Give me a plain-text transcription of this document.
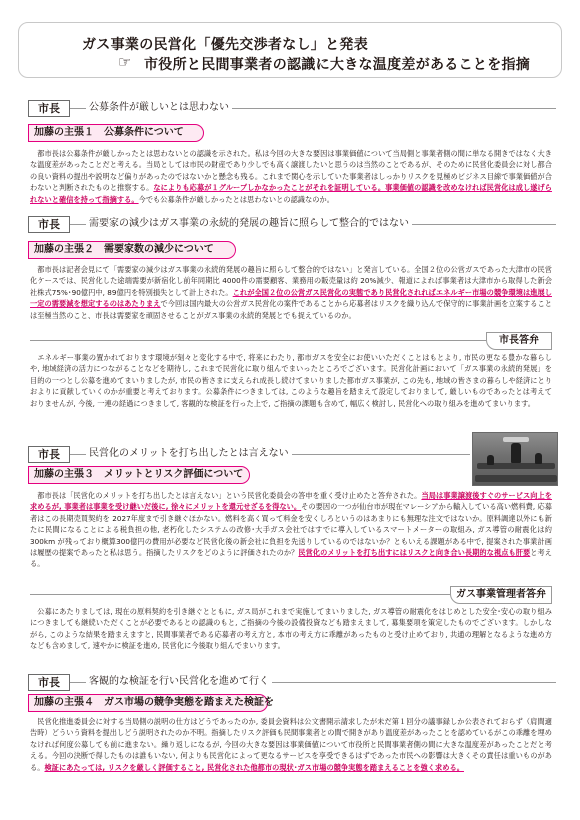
ガス事業の民営化「優先交渉者なし」と発表
☞ 市役所と民間事業者の認識に大きな温度差があることを指摘
市長	公募条件が厳しいとは思わない
加藤の主張１　公募条件について
　都市長は公募条件が厳しかったとは思わないとの認識を示された。私は今回の大きな要因は事業価値について当局側と事業者側の間に単なる開きではなく大きな温度差があったことだと考える。当局としては市民の財産であり少しでも高く譲渡したいと思うのは当然のことであるが、そのために民営化委員会に対し都合の良い資料の提出や説明など偏りがあったのではないかと懸念も残る。これまで関心を示していた事業者はしっかりリスクを見極めビジネス目線で事業価値が合わないと判断されたものと推察する。なによりも応募が１グループしかなかったことがそれを証明している。事業価値の認識を改めなければ民営化は成し遂げられないと確信を持って指摘する。今でも公募条件が厳しかったとは思わないとの認識なのか。
市長	需要家の減少はガス事業の永続的発展の趣旨に照らして整合的ではない
加藤の主張２　需要家数の減少について
　都市長は記者会見にて「需要家の減少はガス事業の永続的発展の趣旨に照らして整合的ではない」と発言している。全国２位の公営ガスであった大津市の民営化ケースでは、民営化した途端需要が新宿化し前年同期比 4000件の需要顧客、業務用の販売量は約 20%減少、報道によれば事業者は大津市から取得した新会社株式75%･90億円中, 89億円を特別損失として計上された。これが全国２位の公営ガス民営化の実態であり民営化されればエネルギー市場の競争環境は進展し一定の需要減を想定するのはあたりまえで今回は国内最大の公営ガス民営化の案件であることから応募者はリスクを織り込んで保守的に事業計画を立案することは至極当然のこと、市長は需要家を頑固させることがガス事業の永続的発展とでも捉えているのか。
市長答弁
　エネルギー事業の置かれております環境が刻々と変化する中で, 将来にわたり, 都市ガスを安全にお使いいただくことはもとより, 市民の更なる豊かな暮らしや, 地域経済の活力につながることなどを期待し, これまで民営化に取り組んでまいったところでございます。民営化計画において「ガス事業の永続的発展」を目的の一つとし公募を進めてまいりましたが, 市民の皆さまに支えられ成長し続けてまいりました都市ガス事業が, この先も, 地域の皆さまの暮らしや経済にとりおよりに貢献していくのかが重要と考えております。公募条件につきましては, このような趣旨を踏まえて設定しておりまして, 厳しいものであったとは考えておりませんが, 今後, 一連の経過につきまして, 客観的な検証を行った上で, ご指摘の課題も含めて, 幅広く検討し, 民営化への取り組みを進めてまいります。
市長	民営化のメリットを打ち出したとは言えない
加藤の主張３　メリットとリスク評価について
　都市長は「民営化のメリットを打ち出したとは言えない」という民営化委員会の答申を重く受け止めたと答弁された。当局は事業譲渡後すぐのサービス向上を求めるが, 事業者は事業を受け継いだ後に, 徐々にメリットを還元せざるを得ない。その要因の一つが仙台市が現在マレーシアから輸入している高い燃料費, 応募者はこの長期売買契約を 2027年度まで引き継ぐほかない。燃料を高く買って料金を安くしろというのはあまりにも無理な注文ではないか。原料調達以外にも新たに民間になることによる税負担の他, 老朽化したシステムの改修･大手ガス会社ではすでに導入しているスマートメーターの取組み, ガス導管の耐震化は約300km が残っており概算300億円の費用が必要など民営化後の新会社に負担を先送りしているのではないか？ともいえる課題がある中で, 提案された事業計画は履歴の提案であったと私は思う。指摘したリスクをどのように評価されたのか？民営化のメリットを打ち出すにはリスクと向き合い長期的な視点も肝要と考える。
ガス事業管理者答弁
　公募にあたりましては, 現在の原料契約を引き継ぐとともに, ガス局がこれまで実施してまいりました, ガス導管の耐震化をはじめとした安全･安心の取り組みにつきましても継続いただくことが必要であるとの認識のもと, ご指摘の今後の設備投資なども踏まえまして, 募集要項を策定したものでございます。しかしながら, このような結果を踏まえますと, 民間事業者である応募者の考え方と, 本市の考え方に乖離があったものと受け止めており, 共通の理解となるような進め方なども含めまして, 速やかに検証を進め, 民営化に今後取り組んでまいります。
市長	客観的な検証を行い民営化を進めて行く
加藤の主張４　ガス市場の競争実態を踏まえた検証を
　民営化推進委員会に対する当局側の説明の仕方はどうであったのか, 委員会資料は公文書開示請求したが未だ第１回分の議事録しか公表されておらず（肩間適告時）どういう資料を提出しどう説明されたのか不明。指摘したリスク評価も民間事業者との間で開きがあり温度差があったことを認めているがこの乖離を埋めなければ何度公募しても前に進まない。繰り返しになるが, 今回の大きな要因は事業価値について市役所と民間事業者側の間に大きな温度差があったことだと考える。今回の決断で得したものは誰もいない, 何よりも民営化によって更なるサービスを享受できるはずであった市民への影響は大きくその責任は重いものがある。検証にあたっては, リスクを厳しく評価すること, 民営化された他都市の現状･ガス市場の競争実態を踏まえることを強く求める。
